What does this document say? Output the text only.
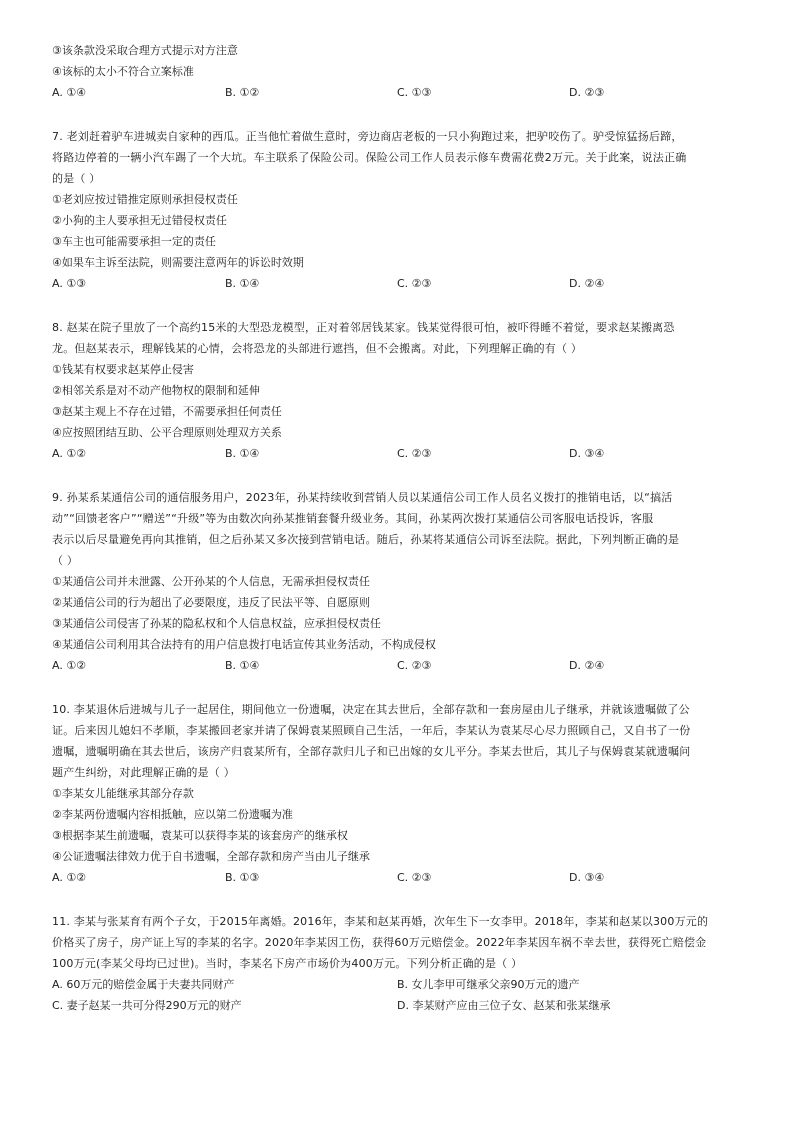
③该条款没采取合理方式提示对方注意
④该标的太小不符合立案标准
A. ①④	B. ①②	C. ①③	D. ②③
7. 老刘赶着驴车进城卖自家种的西瓜。正当他忙着做生意时，旁边商店老板的一只小狗跑过来，把驴咬伤了。驴受惊猛扬后蹄，
将路边停着的一辆小汽车踢了一个大坑。车主联系了保险公司。保险公司工作人员表示修车费需花费2万元。关于此案，说法正确
的是（ ）
①老刘应按过错推定原则承担侵权责任
②小狗的主人要承担无过错侵权责任
③车主也可能需要承担一定的责任
④如果车主诉至法院，则需要注意两年的诉讼时效期
A. ①③	B. ①④	C. ②③	D. ②④
8. 赵某在院子里放了一个高约15米的大型恐龙模型，正对着邻居钱某家。钱某觉得很可怕，被吓得睡不着觉，要求赵某搬离恐
龙。但赵某表示，理解钱某的心情，会将恐龙的头部进行遮挡，但不会搬离。对此，下列理解正确的有（ ）
①钱某有权要求赵某停止侵害
②相邻关系是对不动产他物权的限制和延伸
③赵某主观上不存在过错，不需要承担任何责任
④应按照团结互助、公平合理原则处理双方关系
A. ①②	B. ①④	C. ②③	D. ③④
9. 孙某系某通信公司的通信服务用户，2023年，孙某持续收到营销人员以某通信公司工作人员名义拨打的推销电话，以“搞活
动”“回馈老客户”“赠送”“升级”等为由数次向孙某推销套餐升级业务。其间，孙某两次拨打某通信公司客服电话投诉，客服
表示以后尽量避免再向其推销，但之后孙某又多次接到营销电话。随后，孙某将某通信公司诉至法院。据此，下列判断正确的是
（ ）
①某通信公司并未泄露、公开孙某的个人信息，无需承担侵权责任
②某通信公司的行为超出了必要限度，违反了民法平等、自愿原则
③某通信公司侵害了孙某的隐私权和个人信息权益，应承担侵权责任
④某通信公司利用其合法持有的用户信息拨打电话宣传其业务活动，不构成侵权
A. ①②	B. ①④	C. ②③	D. ②④
10. 李某退休后进城与儿子一起居住，期间他立一份遗嘱，决定在其去世后，全部存款和一套房屋由儿子继承，并就该遗嘱做了公
证。后来因儿媳妇不孝顺，李某搬回老家并请了保姆袁某照顾自己生活，一年后，李某认为袁某尽心尽力照顾自己，又自书了一份
遗嘱，遗嘱明确在其去世后，该房产归袁某所有，全部存款归儿子和已出嫁的女儿平分。李某去世后，其儿子与保姆袁某就遗嘱问
题产生纠纷，对此理解正确的是（ ）
①李某女儿能继承其部分存款
②李某两份遗嘱内容相抵触，应以第二份遗嘱为准
③根据李某生前遗嘱，袁某可以获得李某的该套房产的继承权
④公证遗嘱法律效力优于自书遗嘱，全部存款和房产当由儿子继承
A. ①②	B. ①③	C. ②③	D. ③④
11. 李某与张某育有两个子女，于2015年离婚。2016年，李某和赵某再婚，次年生下一女李甲。2018年，李某和赵某以300万元的
价格买了房子，房产证上写的李某的名字。2020年李某因工伤，获得60万元赔偿金。2022年李某因车祸不幸去世，获得死亡赔偿金
100万元(李某父母均已过世)。当时，李某名下房产市场价为400万元。下列分析正确的是（ ）
A. 60万元的赔偿金属于夫妻共同财产	B. 女儿李甲可继承父亲90万元的遗产
C. 妻子赵某一共可分得290万元的财产	D. 李某财产应由三位子女、赵某和张某继承
